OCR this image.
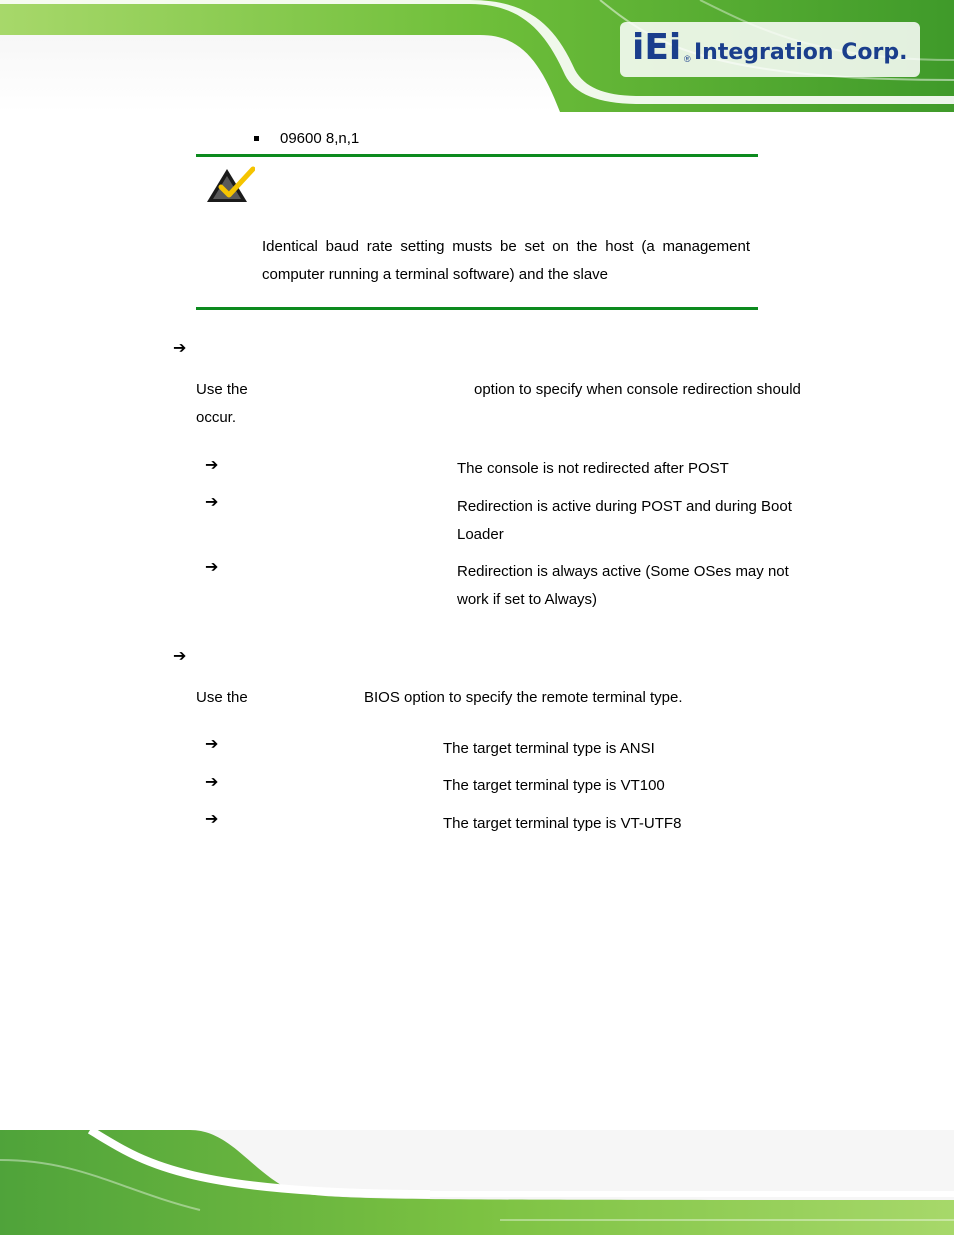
iEi ® Integration Corp.
09600 8,n,1
Identical baud rate setting musts be set on the host (a management
computer running a terminal software) and the slave
➔
Use the	option to specify when console redirection should
occur.
➔	The console is not redirected after POST
➔	Redirection is active during POST and during Boot
Loader
➔	Redirection is always active (Some OSes may not
work if set to Always)
➔
Use the	BIOS option to specify the remote terminal type.
➔	The target terminal type is ANSI
➔	The target terminal type is VT100
➔	The target terminal type is VT-UTF8
